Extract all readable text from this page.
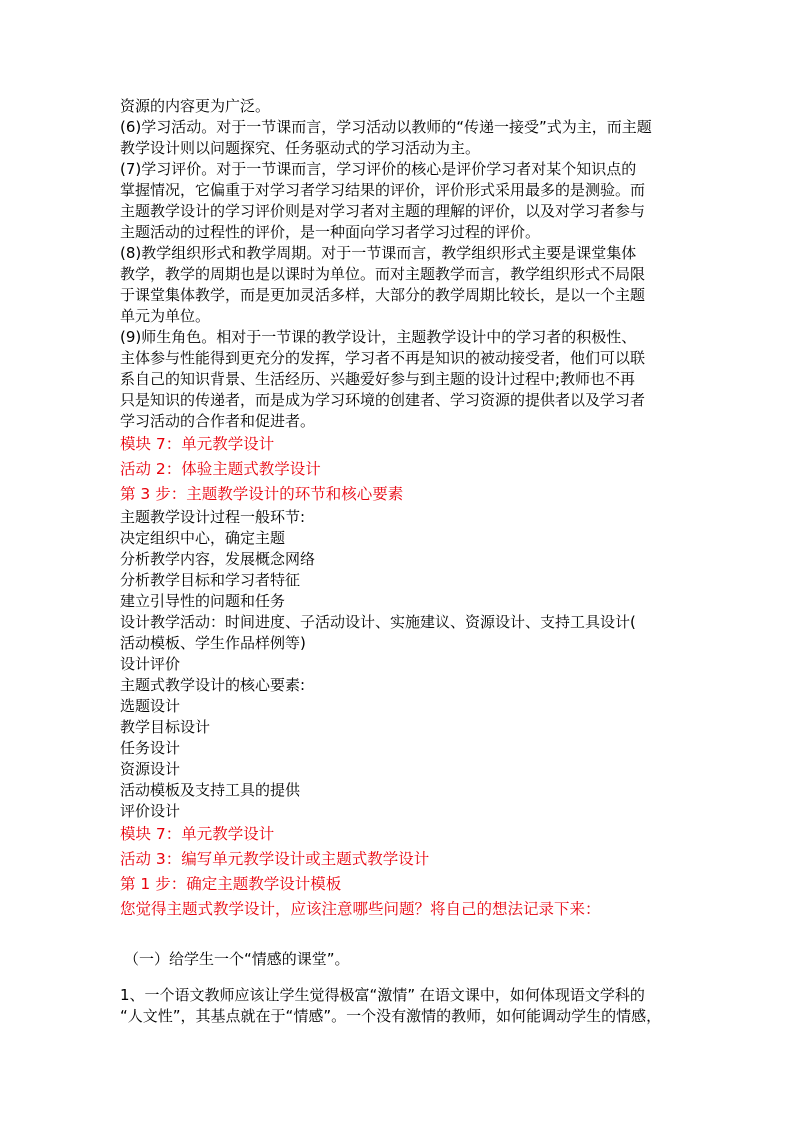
资源的内容更为广泛。

(6)学习活动。对于一节课而言，学习活动以教师的“传递一接受”式为主，而主题

教学设计则以问题探究、任务驱动式的学习活动为主。

(7)学习评价。对于一节课而言，学习评价的核心是评价学习者对某个知识点的

掌握情况，它偏重于对学习者学习结果的评价，评价形式采用最多的是测验。而

主题教学设计的学习评价则是对学习者对主题的理解的评价，以及对学习者参与

主题活动的过程性的评价，是一种面向学习者学习过程的评价。

(8)教学组织形式和教学周期。对于一节课而言，教学组织形式主要是课堂集体

教学，教学的周期也是以课时为单位。而对主题教学而言，教学组织形式不局限

于课堂集体教学，而是更加灵活多样，大部分的教学周期比较长，是以一个主题

单元为单位。

(9)师生角色。相对于一节课的教学设计，主题教学设计中的学习者的积极性、

主体参与性能得到更充分的发挥，学习者不再是知识的被动接受者，他们可以联

系自己的知识背景、生活经历、兴趣爱好参与到主题的设计过程中;教师也不再

只是知识的传递者，而是成为学习环境的创建者、学习资源的提供者以及学习者

学习活动的合作者和促进者。

模块 7：单元教学设计

活动 2：体验主题式教学设计

第 3 步：主题教学设计的环节和核心要素

主题教学设计过程一般环节:

决定组织中心，确定主题

分析教学内容，发展概念网络

分析教学目标和学习者特征

建立引导性的问题和任务

设计教学活动：时间进度、子活动设计、实施建议、资源设计、支持工具设计(

活动模板、学生作品样例等)

设计评价

主题式教学设计的核心要素:

选题设计

教学目标设计

任务设计

资源设计

活动模板及支持工具的提供

评价设计

模块 7：单元教学设计

活动 3：编写单元教学设计或主题式教学设计

第 1 步：确定主题教学设计模板

您觉得主题式教学设计，应该注意哪些问题？将自己的想法记录下来：

（一）给学生一个“情感的课堂”。

1、一个语文教师应该让学生觉得极富“激情” 在语文课中，如何体现语文学科的

“人文性”，其基点就在于“情感”。一个没有激情的教师，如何能调动学生的情感，
